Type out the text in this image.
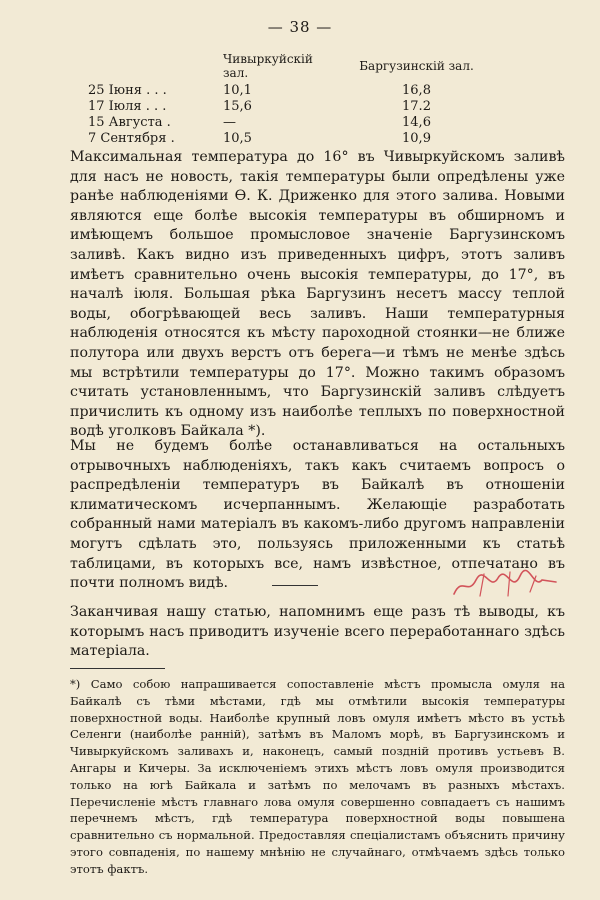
— 38 —
	Чивыркуйскій зал.	Баргузинскій зал.
25 Іюня . . .	10,1	16,8
17 Іюля . . .	15,6	17.2
15 Августа .	—	14,6
7 Сентября .	10,5	10,9

Максимальная температура до 16° въ Чивыркуйскомъ заливѣ для насъ не новость, такія температуры были опредѣлены уже ранѣе наблюденіями Ѳ. К. Дриженко для этого залива. Новыми являются еще болѣе высокія температуры въ обширномъ и имѣющемъ большое промысловое значеніе Баргузинскомъ заливѣ. Какъ видно изъ приведенныхъ цифръ, этотъ заливъ имѣетъ сравнительно очень высокія температуры, до 17°, въ началѣ іюля. Большая рѣка Баргузинъ несетъ массу теплой воды, обогрѣвающей весь заливъ. Наши температурныя наблюденія относятся къ мѣсту пароходной стоянки—не ближе полутора или двухъ верстъ отъ берега—и тѣмъ не менѣе здѣсь мы встрѣтили температуры до 17°. Можно такимъ образомъ считать установленнымъ, что Баргузинскій заливъ слѣдуетъ причислить къ одному изъ наиболѣе теплыхъ по поверхностной водѣ уголковъ Байкала *).

Мы не будемъ болѣе останавливаться на остальныхъ отрывочныхъ наблюденіяхъ, такъ какъ считаемъ вопросъ о распредѣленіи температуръ въ Байкалѣ въ отношеніи климатическомъ исчерпаннымъ. Желающіе разработать собранный нами матеріалъ въ какомъ-либо другомъ направленіи могутъ сдѣлать это, пользуясь приложенными къ статьѣ таблицами, въ которыхъ все, намъ извѣстное, отпечатано въ почти полномъ видѣ.

Заканчивая нашу статью, напомнимъ еще разъ тѣ выводы, къ которымъ насъ приводитъ изученіе всего переработаннаго здѣсь матеріала.

*) Само собою напрашивается сопоставленіе мѣстъ промысла омуля на Байкалѣ съ тѣми мѣстами, гдѣ мы отмѣтили высокія температуры поверхностной воды. Наиболѣе крупный ловъ омуля имѣетъ мѣсто въ устьѣ Селенги (наиболѣе ранній), затѣмъ въ Маломъ морѣ, въ Баргузинскомъ и Чивыркуйскомъ заливахъ и, наконецъ, самый поздній противъ устьевъ В. Ангары и Кичеры. За исключеніемъ этихъ мѣстъ ловъ омуля производится только на югѣ Байкала и затѣмъ по мелочамъ въ разныхъ мѣстахъ. Перечисленіе мѣстъ главнаго лова омуля совершенно совпадаетъ съ нашимъ перечнемъ мѣстъ, гдѣ температура поверхностной воды повышена сравнительно съ нормальной. Предоставляя спеціалистамъ объяснить причину этого совпаденія, по нашему мнѣнію не случайнаго, отмѣчаемъ здѣсь только этотъ фактъ.
